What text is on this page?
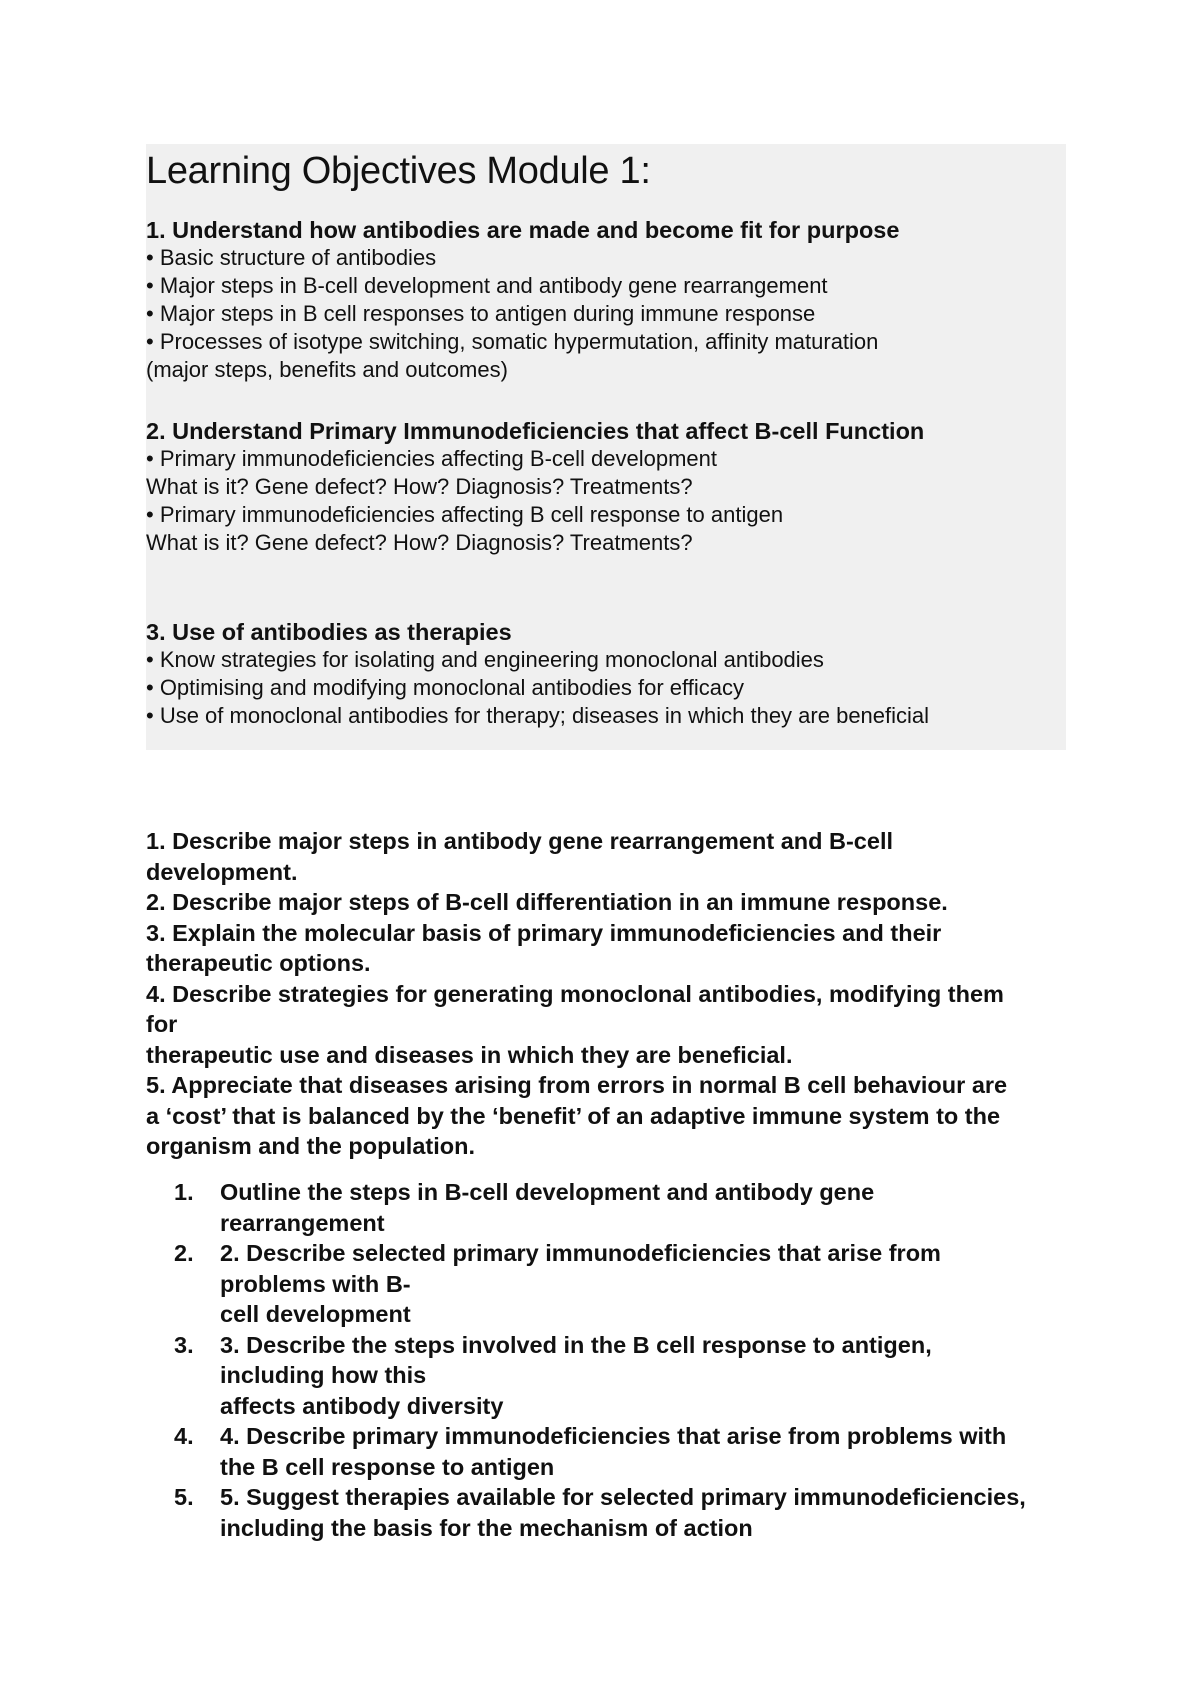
Learning Objectives Module 1:
1. Understand how antibodies are made and become fit for purpose
• Basic structure of antibodies
• Major steps in B-cell development and antibody gene rearrangement
• Major steps in B cell responses to antigen during immune response
• Processes of isotype switching, somatic hypermutation, affinity maturation
(major steps, benefits and outcomes)
2. Understand Primary Immunodeficiencies that affect B-cell Function
• Primary immunodeficiencies affecting B-cell development
What is it? Gene defect? How? Diagnosis? Treatments?
• Primary immunodeficiencies affecting B cell response to antigen
What is it? Gene defect? How? Diagnosis? Treatments?
3. Use of antibodies as therapies
• Know strategies for isolating and engineering monoclonal antibodies
• Optimising and modifying monoclonal antibodies for efficacy
• Use of monoclonal antibodies for therapy; diseases in which they are beneficial
1. Describe major steps in antibody gene rearrangement and B-cell
development.
2. Describe major steps of B-cell differentiation in an immune response.
3. Explain the molecular basis of primary immunodeficiencies and their
therapeutic options.
4. Describe strategies for generating monoclonal antibodies, modifying them
for
therapeutic use and diseases in which they are beneficial.
5. Appreciate that diseases arising from errors in normal B cell behaviour are
a ‘cost’ that is balanced by the ‘benefit’ of an adaptive immune system to the
organism and the population.
1.	Outline the steps in B-cell development and antibody gene
rearrangement
2.	2. Describe selected primary immunodeficiencies that arise from
problems with B-
cell development
3.	3. Describe the steps involved in the B cell response to antigen,
including how this
affects antibody diversity
4.	4. Describe primary immunodeficiencies that arise from problems with
the B cell response to antigen
5.	5. Suggest therapies available for selected primary immunodeficiencies,
including the basis for the mechanism of action
